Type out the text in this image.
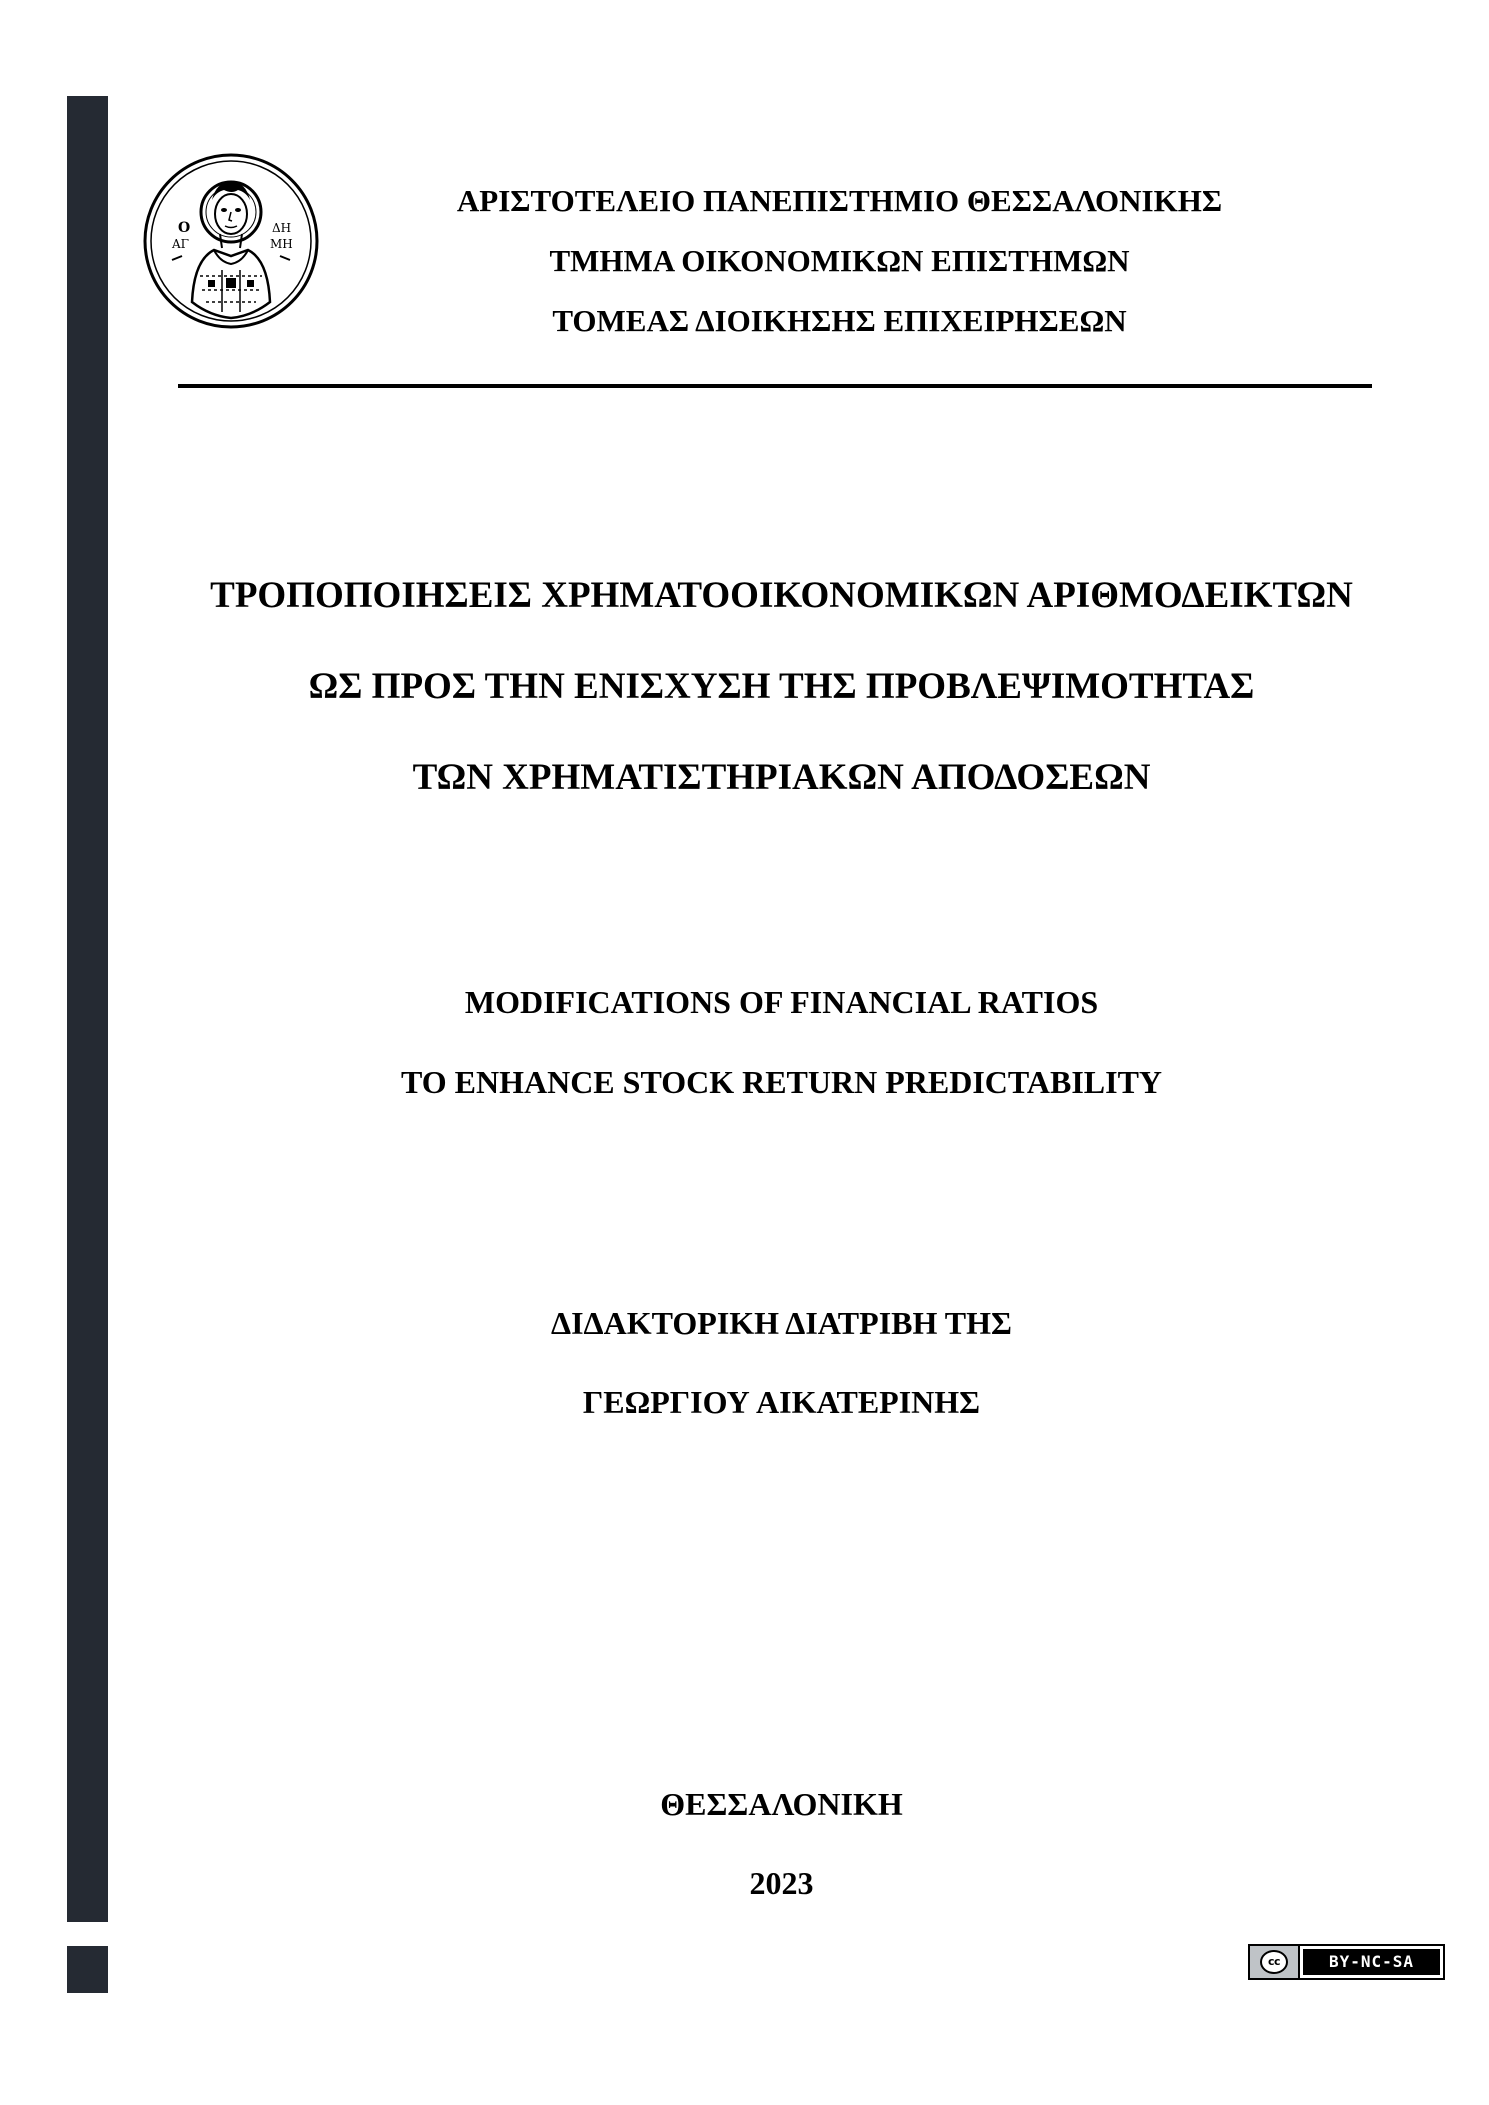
O
ΑΓ
ΔΗ
ΜΗ
ΑΡΙΣΤΟΤΕΛΕΙΟ ΠΑΝΕΠΙΣΤΗΜΙΟ ΘΕΣΣΑΛΟΝΙΚΗΣ
ΤΜΗΜΑ ΟΙΚΟΝΟΜΙΚΩΝ ΕΠΙΣΤΗΜΩΝ
ΤΟΜΕΑΣ ΔΙΟΙΚΗΣΗΣ ΕΠΙΧΕΙΡΗΣΕΩΝ
ΤΡΟΠΟΠΟΙΗΣΕΙΣ ΧΡΗΜΑΤΟΟΙΚΟΝΟΜΙΚΩΝ ΑΡΙΘΜΟΔΕΙΚΤΩΝ
ΩΣ ΠΡΟΣ ΤΗΝ ΕΝΙΣΧΥΣΗ ΤΗΣ ΠΡΟΒΛΕΨΙΜΟΤΗΤΑΣ
ΤΩΝ ΧΡΗΜΑΤΙΣΤΗΡΙΑΚΩΝ ΑΠΟΔΟΣΕΩΝ
MODIFICATIONS OF FINANCIAL RATIOS
TO ENHANCE STOCK RETURN PREDICTABILITY
ΔΙΔΑΚΤΟΡΙΚΗ ΔΙΑΤΡΙΒΗ ΤΗΣ
ΓΕΩΡΓΙΟΥ ΑΙΚΑΤΕΡΙΝΗΣ
ΘΕΣΣΑΛΟΝΙΚΗ
2023
cc	BY-NC-SA
